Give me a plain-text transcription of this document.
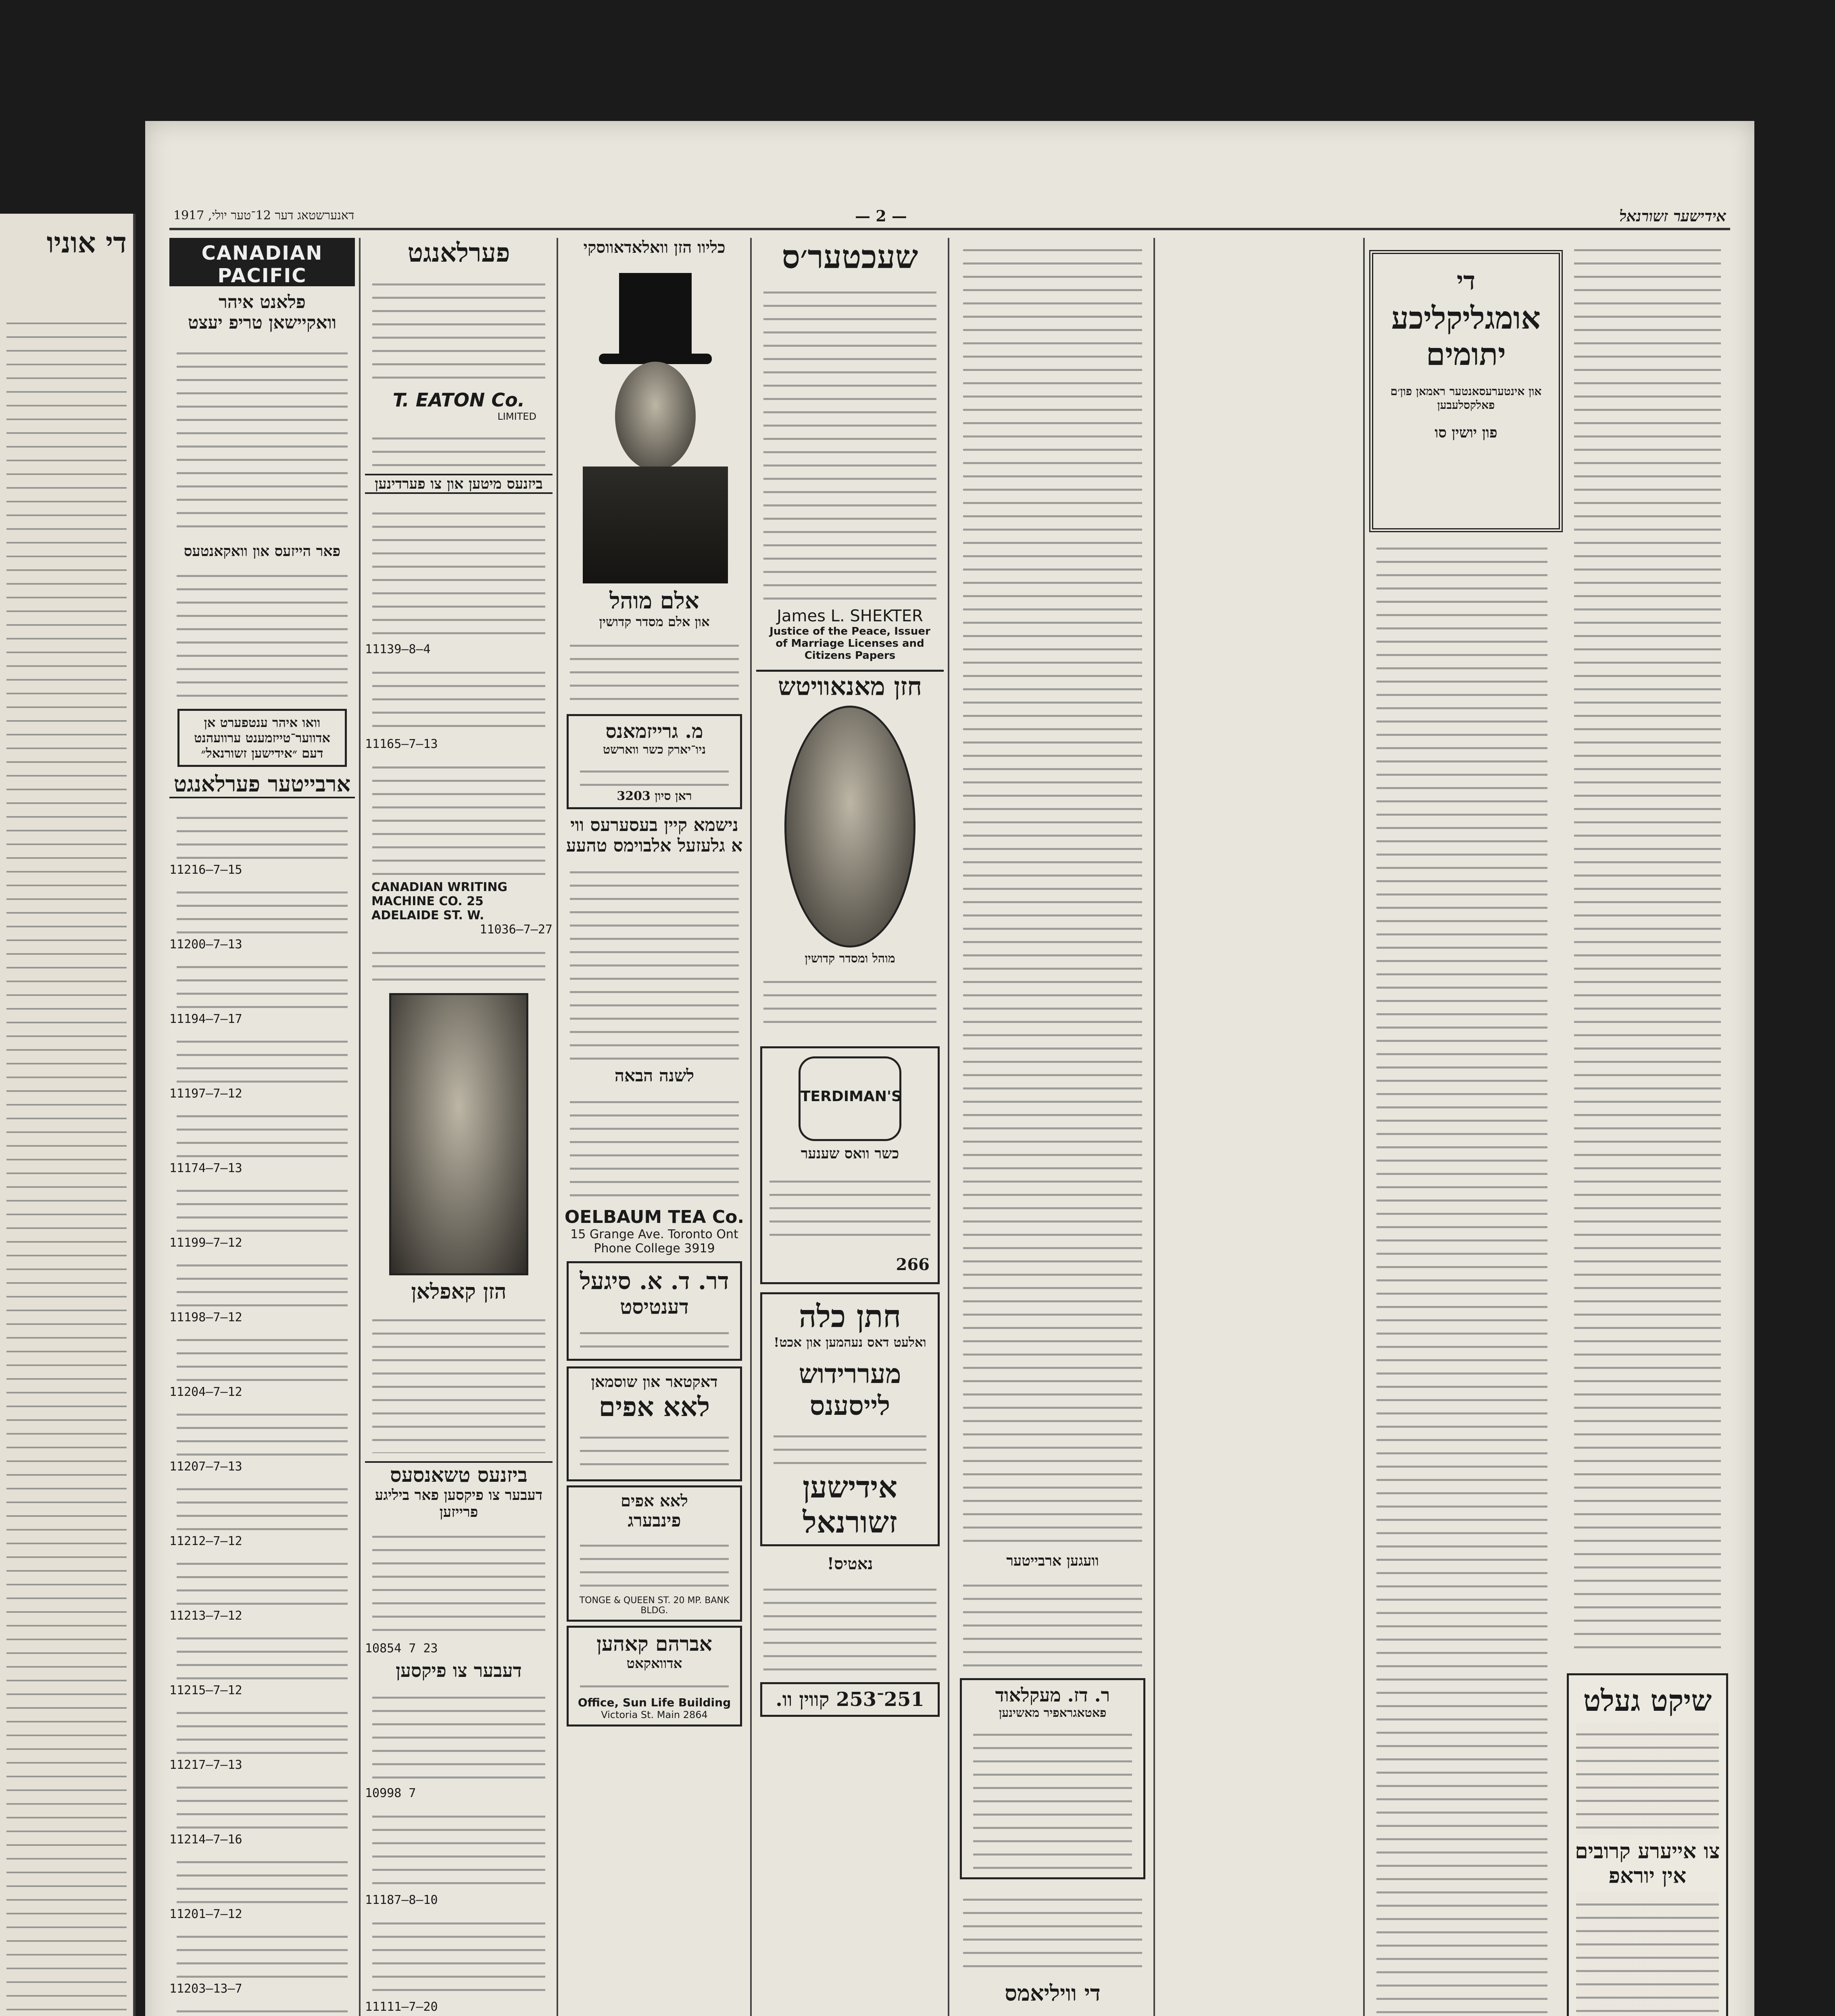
די אוניו
דאנערשטאג דער 12־טער יולי, 1917	— 2 —	אידישער זשורנאל
CANADIAN PACIFIC
פלאנט איהר
וואקיישאן טריפ יעצט
פאר הייזעס און וואקאנטעס
וואו איהר ענטפערט אן אדווער־טייזמענט ערוועהנט דעם ״אידישען זשורנאל״
ארבייטער פערלאנגט
11216—7—15
11200—7—13
11194—7—17
11197—7—12
11174—7—13
11199—7—12
11198—7—12
11204—7—12
11207—7—13
11212—7—12
11213—7—12
11215—7—12
11217—7—13
11214—7—16
11201—7—12
11203—13—7
פערלאנגט
T. EATON Co.
LIMITED
ביזנעס מיטען און צו פערדינען
11139—8—4
11165—7—13
CANADIAN WRITING MACHINE CO. 25 ADELAIDE ST. W.
11036—7—27
הזן קאפלאן
ביזנעס טשאנסעס
דעבער צו פיקסען פאר ביליגע פרייזען
10854 7 23
דעבער צו פיקסען
10998 7
11187—8—10
11111—7—20
כליוו הזן וואלאדאווסקי
אלם מוהל
און אלם מסדר קדושין
מ. גרייזמאנס
ניו־יארק כשר ווארשט
ראן סיון 3203
נישמא קיין בעסערעס ווי א גלעזעל אלבוימס טהעע
לשנה הבאה
OELBAUM TEA Co.
15 Grange Ave. Toronto Ont
Phone College 3919
דר. ד. א. סיגעל
דענטיסט
דאקטאר און שוסמאן
לאא אפים
לאא אפים
פינבערג
TONGE & QUEEN ST. 20 MP. BANK BLDG.
אברהם קאהען
אדוואקאט
Office, Sun Life Building
Victoria St. Main 2864
שעכטער׳ס
James L. SHEKTER
Justice of the Peace, Issuer of Marriage Licenses and Citizens Papers
חזן מאנאוויטש
מוהל ומסדר קדושין
TERDIMAN'S
כשר וואס שענער
266
חתן כלה
ואלעט דאס נעהמען און אכט!
מעררידוש לייסענס
אידישען זשורנאל
נאטיס!
251־253 קווין וו.
וועגען ארבייטער
ר. דז. מעקלאוד
פאטאגראפיר מאשינען
די וויליאמס
די
אומגליקליכע יתומים
און אינטערעסאנטער ראמאן פון׳ם פאלקסלעבען
פון יושין סו
שיקט געלט
צו אייערע קרובים אין יוראפ
